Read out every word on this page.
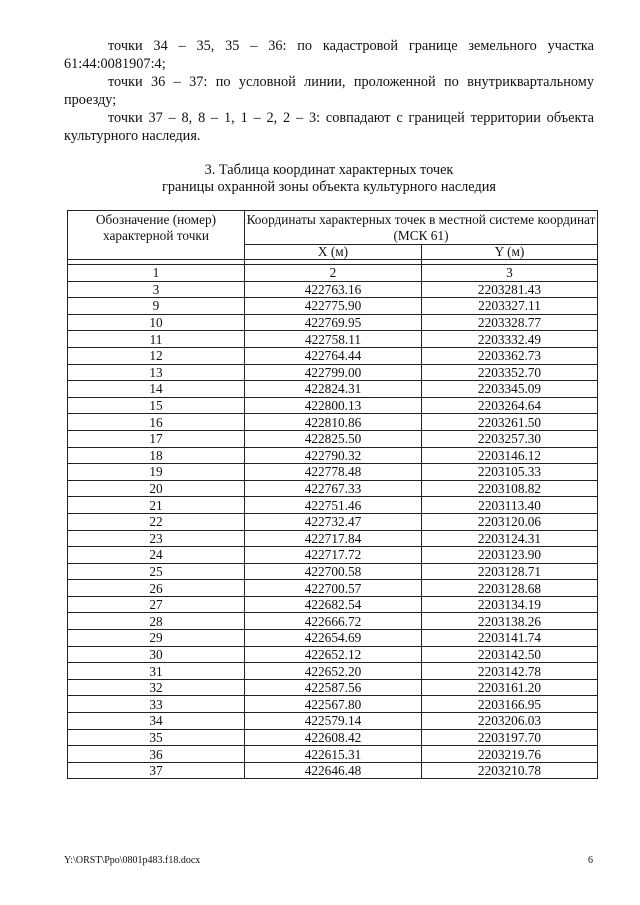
точки 34 – 35, 35 – 36: по кадастровой границе земельного участка 61:44:0081907:4;

точки 36 – 37: по условной линии, проложенной по внутриквартальному проезду;

точки 37 – 8, 8 – 1, 1 – 2, 2 – 3: совпадают с границей территории объекта культурного наследия.

3. Таблица координат характерных точек
границы охранной зоны объекта культурного наследия
Обозначение (номер) характерной точки	Координаты характерных точек в местной системе координат (МСК 61)	
	X (м)	Y (м)

1	2	3
3	422763.16	2203281.43
9	422775.90	2203327.11
10	422769.95	2203328.77
11	422758.11	2203332.49
12	422764.44	2203362.73
13	422799.00	2203352.70
14	422824.31	2203345.09
15	422800.13	2203264.64
16	422810.86	2203261.50
17	422825.50	2203257.30
18	422790.32	2203146.12
19	422778.48	2203105.33
20	422767.33	2203108.82
21	422751.46	2203113.40
22	422732.47	2203120.06
23	422717.84	2203124.31
24	422717.72	2203123.90
25	422700.58	2203128.71
26	422700.57	2203128.68
27	422682.54	2203134.19
28	422666.72	2203138.26
29	422654.69	2203141.74
30	422652.12	2203142.50
31	422652.20	2203142.78
32	422587.56	2203161.20
33	422567.80	2203166.95
34	422579.14	2203206.03
35	422608.42	2203197.70
36	422615.31	2203219.76
37	422646.48	2203210.78
Y:\ORST\Ppo\0801p483.f18.docx	6
